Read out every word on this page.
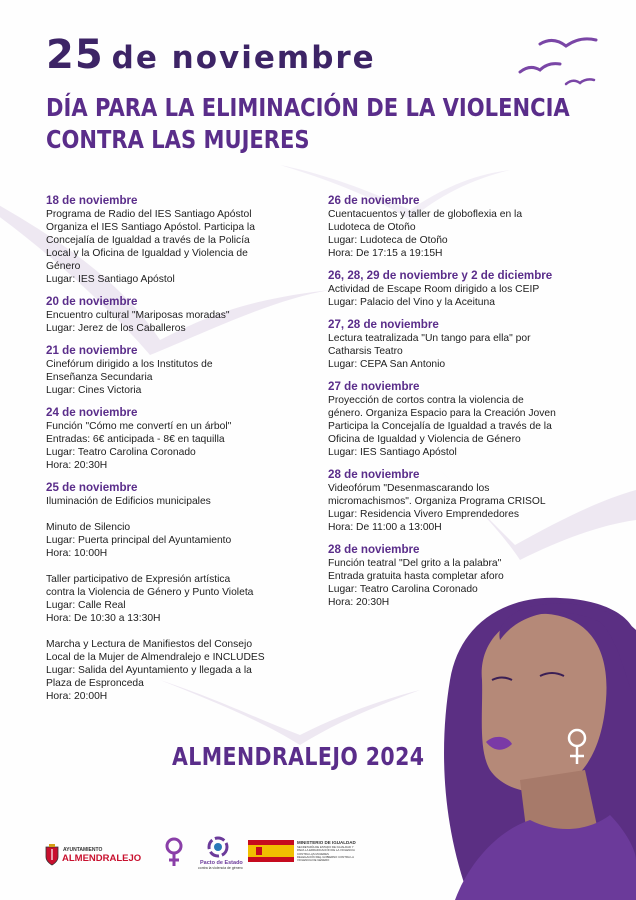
25 de noviembre
DÍA PARA LA ELIMINACIÓN DE LA VIOLENCIA
CONTRA LAS MUJERES
18 de noviembre
Programa de Radio del IES Santiago Apóstol
Organiza el IES Santiago Apóstol. Participa la
Concejalía de Igualdad a través de la Policía
Local y la Oficina de Igualdad y Violencia de
Género
Lugar: IES Santiago Apóstol
20 de noviembre
Encuentro cultural "Mariposas moradas"
Lugar: Jerez de los Caballeros
21 de noviembre
Cinefórum dirigido a los Institutos de
Enseñanza Secundaria
Lugar: Cines Victoria
24 de noviembre
Función "Cómo me convertí en un árbol"
Entradas: 6€ anticipada - 8€ en taquilla
Lugar: Teatro Carolina Coronado
Hora: 20:30H
25 de noviembre
Iluminación de Edificios municipales
Minuto de Silencio
Lugar: Puerta principal del Ayuntamiento
Hora: 10:00H
Taller participativo de Expresión artística
contra la Violencia de Género y Punto Violeta
Lugar: Calle Real
Hora: De 10:30 a 13:30H
Marcha y Lectura de Manifiestos del Consejo
Local de la Mujer de Almendralejo e INCLUDES
Lugar: Salida del Ayuntamiento y llegada a la
Plaza de Espronceda
Hora: 20:00H
26 de noviembre
Cuentacuentos y taller de globoflexia en la
Ludoteca de Otoño
Lugar: Ludoteca de Otoño
Hora: De 17:15 a 19:15H
26, 28, 29 de noviembre y 2 de diciembre
Actividad de Escape Room dirigido a los CEIP
Lugar: Palacio del Vino y la Aceituna
27, 28 de noviembre
Lectura teatralizada "Un tango para ella" por
Catharsis Teatro
Lugar: CEPA San Antonio
27 de noviembre
Proyección de cortos contra la violencia de
género. Organiza Espacio para la Creación Joven
Participa la Concejalía de Igualdad a través de la
Oficina de Igualdad y Violencia de Género
Lugar: IES Santiago Apóstol
28 de noviembre
Videofórum "Desenmascarando los
micromachismos". Organiza Programa CRISOL
Lugar: Residencia Vivero Emprendedores
Hora: De 11:00 a 13:00H
28 de noviembre
Función teatral "Del grito a la palabra"
Entrada gratuita hasta completar aforo
Lugar: Teatro Carolina Coronado
Hora: 20:30H
ALMENDRALEJO 2024
AYUNTAMIENTO
ALMENDRALEJO	Pacto de Estado
contra la violencia de género
MINISTERIO DE IGUALDAD
SECRETARÍA DE ESTADO DE IGUALDAD Y PARA LA ERRADICACIÓN DE LA VIOLENCIA CONTRA LAS MUJERES
DELEGACIÓN DEL GOBIERNO CONTRA LA VIOLENCIA DE GÉNERO
